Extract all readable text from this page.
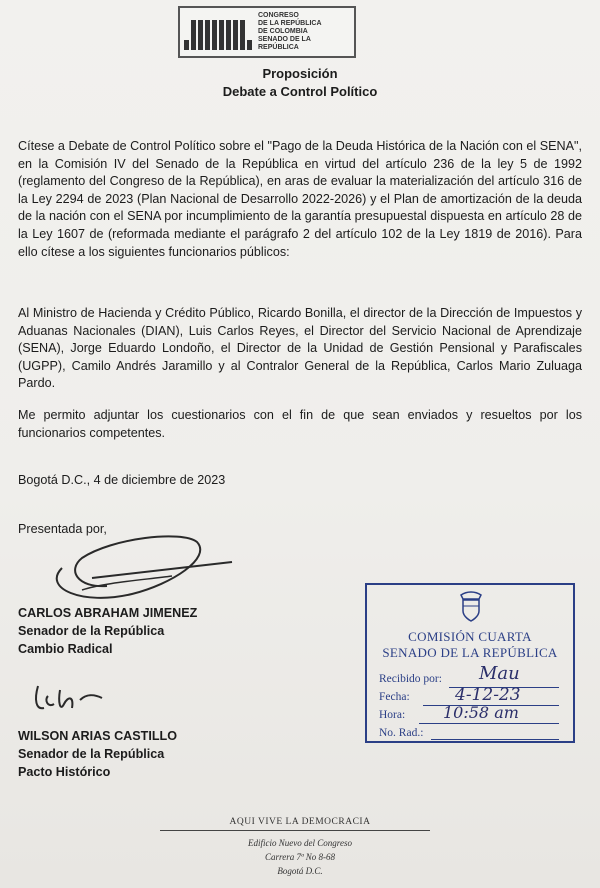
CONGRESO
DE LA REPÚBLICA
DE COLOMBIA
SENADO DE LA REPÚBLICA
Proposición
Debate a Control Político
Cítese a Debate de Control Político sobre el "Pago de la Deuda Histórica de la Nación con el SENA", en la Comisión IV del Senado de la República en virtud del artículo 236 de la ley 5 de 1992 (reglamento del Congreso de la República), en aras de evaluar la materialización del artículo 316 de la Ley 2294 de 2023 (Plan Nacional de Desarrollo 2022-2026) y el Plan de amortización de la deuda de la nación con el SENA por incumplimiento de la garantía presupuestal dispuesta en artículo 28 de la Ley 1607 de (reformada mediante el parágrafo 2 del artículo 102 de la Ley 1819 de 2016). Para ello cítese a los siguientes funcionarios públicos:
Al Ministro de Hacienda y Crédito Público, Ricardo Bonilla, el director de la Dirección de Impuestos y Aduanas Nacionales (DIAN), Luis Carlos Reyes, el Director del Servicio Nacional de Aprendizaje (SENA), Jorge Eduardo Londoño, el Director de la Unidad de Gestión Pensional y Parafiscales (UGPP), Camilo Andrés Jaramillo y al Contralor General de la República, Carlos Mario Zuluaga Pardo.
Me permito adjuntar los cuestionarios con el fin de que sean enviados y resueltos por los funcionarios competentes.
Bogotá D.C., 4 de diciembre de 2023
Presentada por,
CARLOS ABRAHAM JIMENEZ
Senador de la República
Cambio Radical
WILSON ARIAS CASTILLO
Senador de la República
Pacto Histórico
COMISIÓN CUARTA
SENADO DE LA REPÚBLICA
Recibido por: Mau
Fecha:	4-12-23
Hora: 10:58 am
No. Rad.:
AQUI VIVE LA DEMOCRACIA
Edificio Nuevo del Congreso
Carrera 7ª No 8-68
Bogotá D.C.
